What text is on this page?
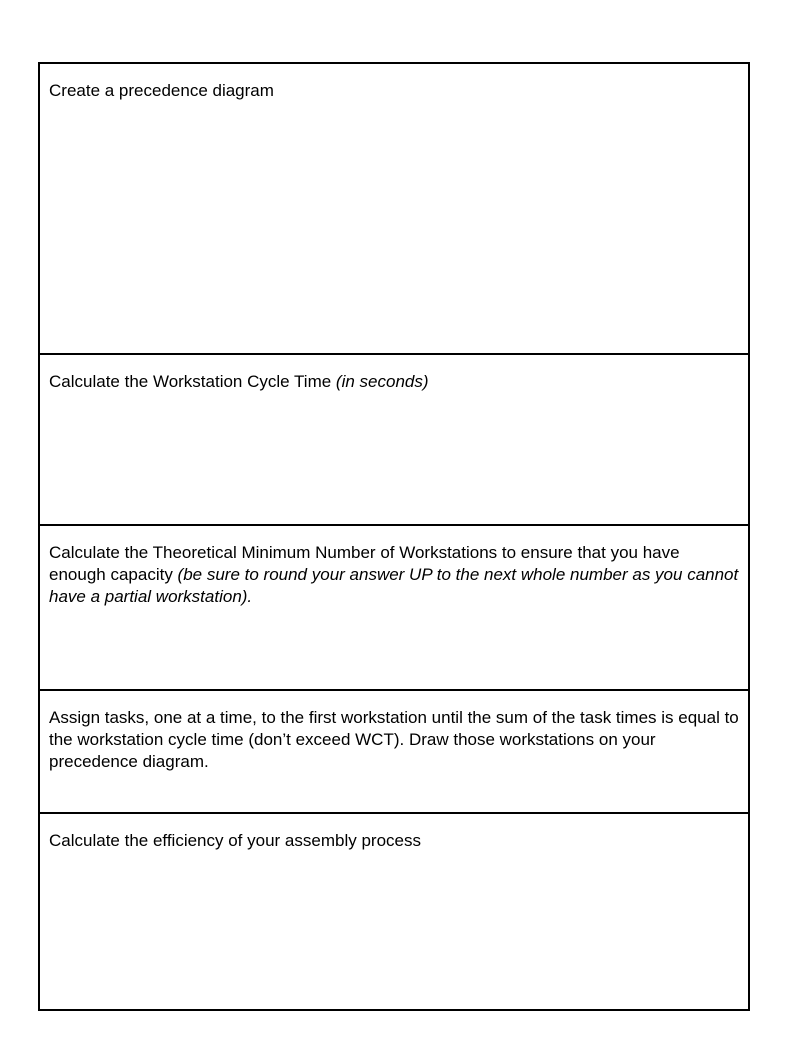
Create a precedence diagram
Calculate the Workstation Cycle Time (in seconds)
Calculate the Theoretical Minimum Number of Workstations to ensure that you have enough capacity (be sure to round your answer UP to the next whole number as you cannot have a partial workstation).
Assign tasks, one at a time, to the first workstation until the sum of the task times is equal to the workstation cycle time (don’t exceed WCT). Draw those workstations on your precedence diagram.
Calculate the efficiency of your assembly process
